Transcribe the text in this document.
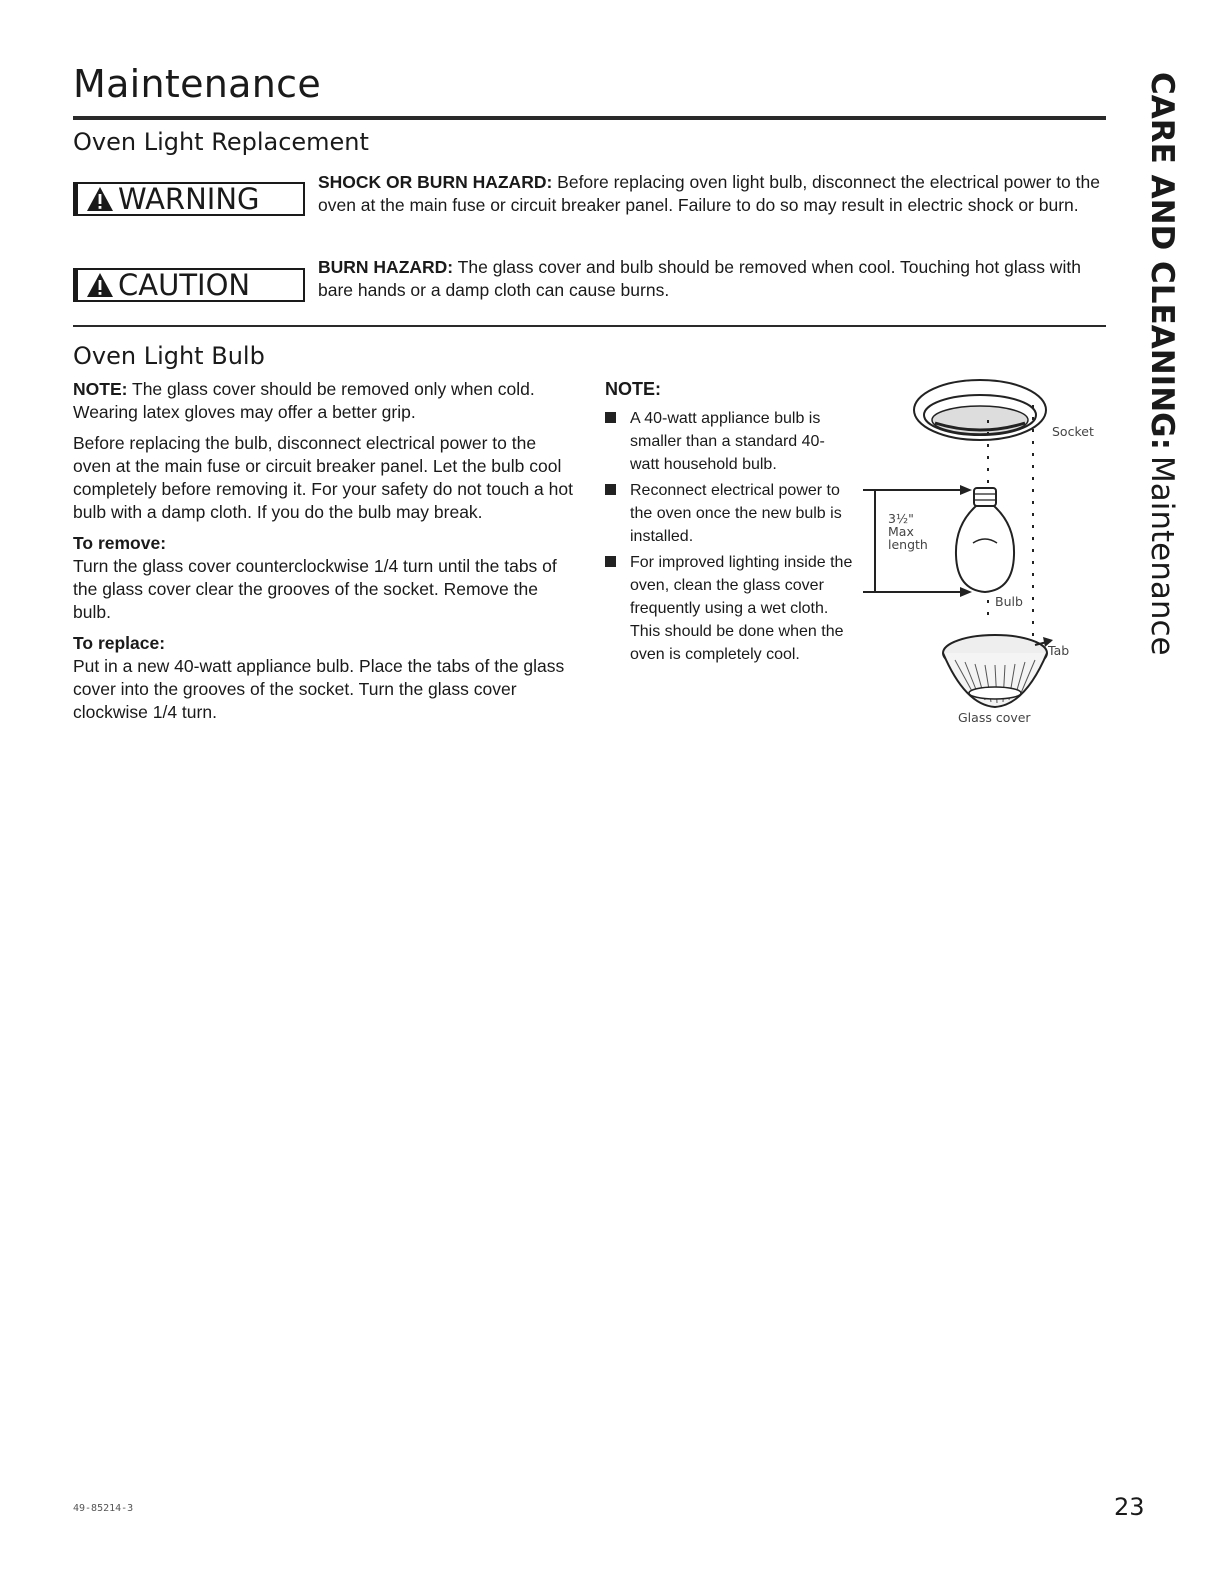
Maintenance
Oven Light Replacement
WARNING	SHOCK OR BURN HAZARD: Before replacing oven light bulb, disconnect the electrical power to the oven at the main fuse or circuit breaker panel. Failure to do so may result in electric shock or burn.
CAUTION
BURN HAZARD: The glass cover and bulb should be removed when cool. Touching hot glass with bare hands or a damp cloth can cause burns.
Oven Light Bulb
NOTE: The glass cover should be removed only when cold. Wearing latex gloves may offer a better grip.
Before replacing the bulb, disconnect electrical power to the oven at the main fuse or circuit breaker panel. Let the bulb cool completely before removing it. For your safety do not touch a hot bulb with a damp cloth. If you do the bulb may break.
To remove:
Turn the glass cover counterclockwise 1/4 turn until the tabs of the glass cover clear the grooves of the socket. Remove the bulb.
To replace:
Put in a new 40-watt appliance bulb. Place the tabs of the glass cover into the grooves of the socket. Turn the glass cover clockwise 1/4 turn.
NOTE:
A 40-watt appliance bulb is smaller than a standard 40-watt household bulb.
Reconnect electrical power to the oven once the new bulb is installed.
For improved lighting inside the oven, clean the glass cover frequently using a wet cloth. This should be done when the oven is completely cool.
Socket
3½"
Max
length
Bulb
Tab
Glass cover
CARE AND CLEANING:Maintenance
49-85214-3	23
